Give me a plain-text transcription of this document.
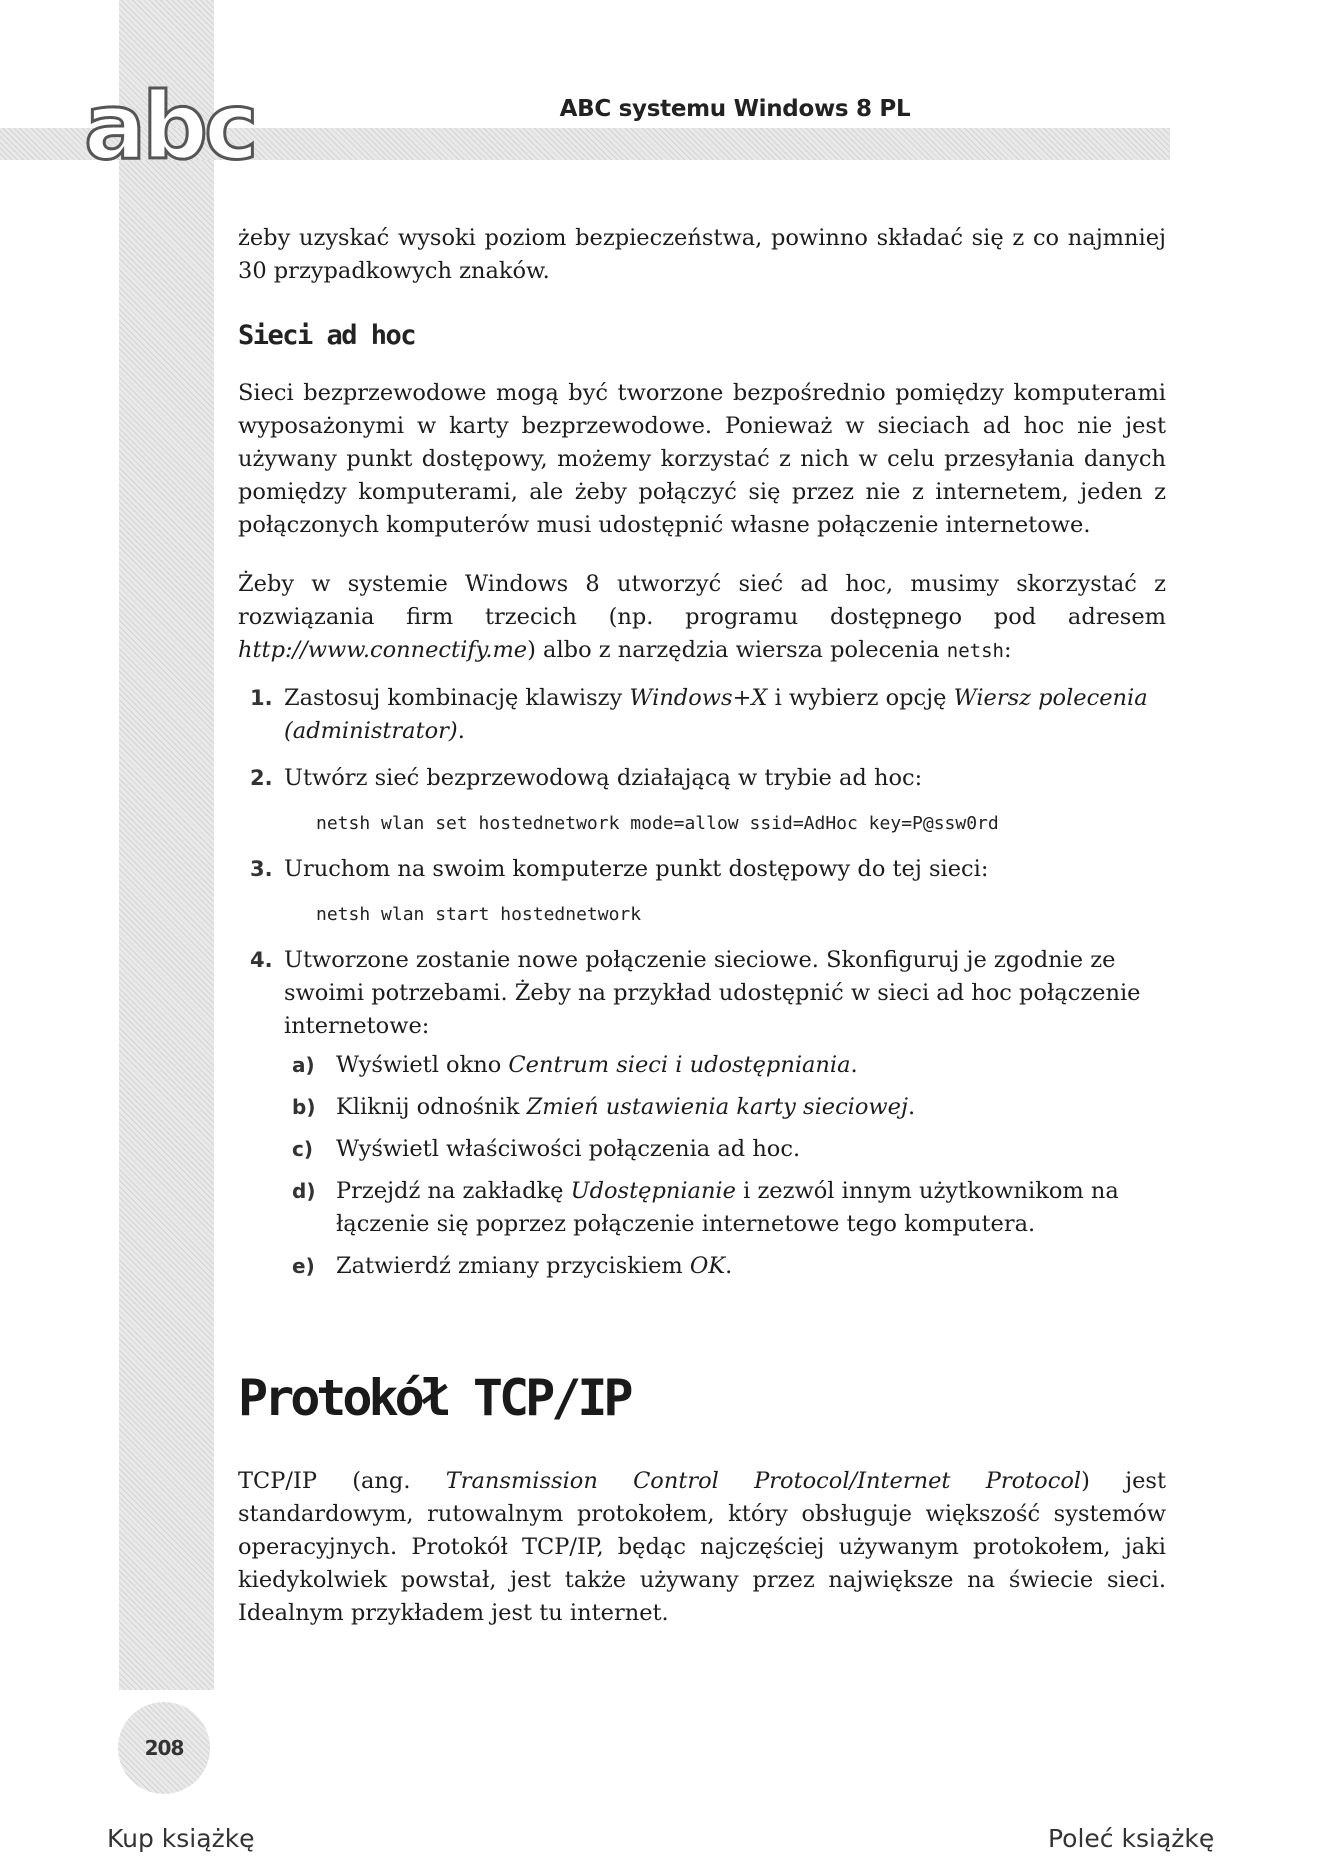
abc	ABC systemu Windows 8 PL

żeby uzyskać wysoki poziom bezpieczeństwa, powinno składać się z co najmniej 30 przypadkowych znaków.

Sieci ad hoc

Sieci bezprzewodowe mogą być tworzone bezpośrednio pomiędzy komputerami wyposażonymi w karty bezprzewodowe. Ponieważ w sieciach ad hoc nie jest używany punkt dostępowy, możemy korzystać z nich w celu przesyłania danych pomiędzy komputerami, ale żeby połączyć się przez nie z internetem, jeden z połączonych komputerów musi udostępnić własne połączenie internetowe.

Żeby w systemie Windows 8 utworzyć sieć ad hoc, musimy skorzystać z rozwiązania firm trzecich (np. programu dostępnego pod adresem http://www.connectify.me) albo z narzędzia wiersza polecenia netsh:

1. Zastosuj kombinację klawiszy Windows+X i wybierz opcję Wiersz polecenia (administrator).
2. Utwórz sieć bezprzewodową działającą w trybie ad hoc:
netsh wlan set hostednetwork mode=allow ssid=AdHoc key=P@ssw0rd
3. Uruchom na swoim komputerze punkt dostępowy do tej sieci:
netsh wlan start hostednetwork
4. Utworzone zostanie nowe połączenie sieciowe. Skonfiguruj je zgodnie ze swoimi potrzebami. Żeby na przykład udostępnić w sieci ad hoc połączenie internetowe:
a) Wyświetl okno Centrum sieci i udostępniania.
b) Kliknij odnośnik Zmień ustawienia karty sieciowej.
c) Wyświetl właściwości połączenia ad hoc.
d) Przejdź na zakładkę Udostępnianie i zezwól innym użytkownikom na łączenie się poprzez połączenie internetowe tego komputera.
e) Zatwierdź zmiany przyciskiem OK.
Protokół TCP/IP

TCP/IP (ang. Transmission Control Protocol/Internet Protocol) jest standardowym, rutowalnym protokołem, który obsługuje większość systemów operacyjnych. Protokół TCP/IP, będąc najczęściej używanym protokołem, jaki kiedykolwiek powstał, jest także używany przez największe na świecie sieci. Idealnym przykładem jest tu internet.

208
Kup książkę	Poleć książkę
